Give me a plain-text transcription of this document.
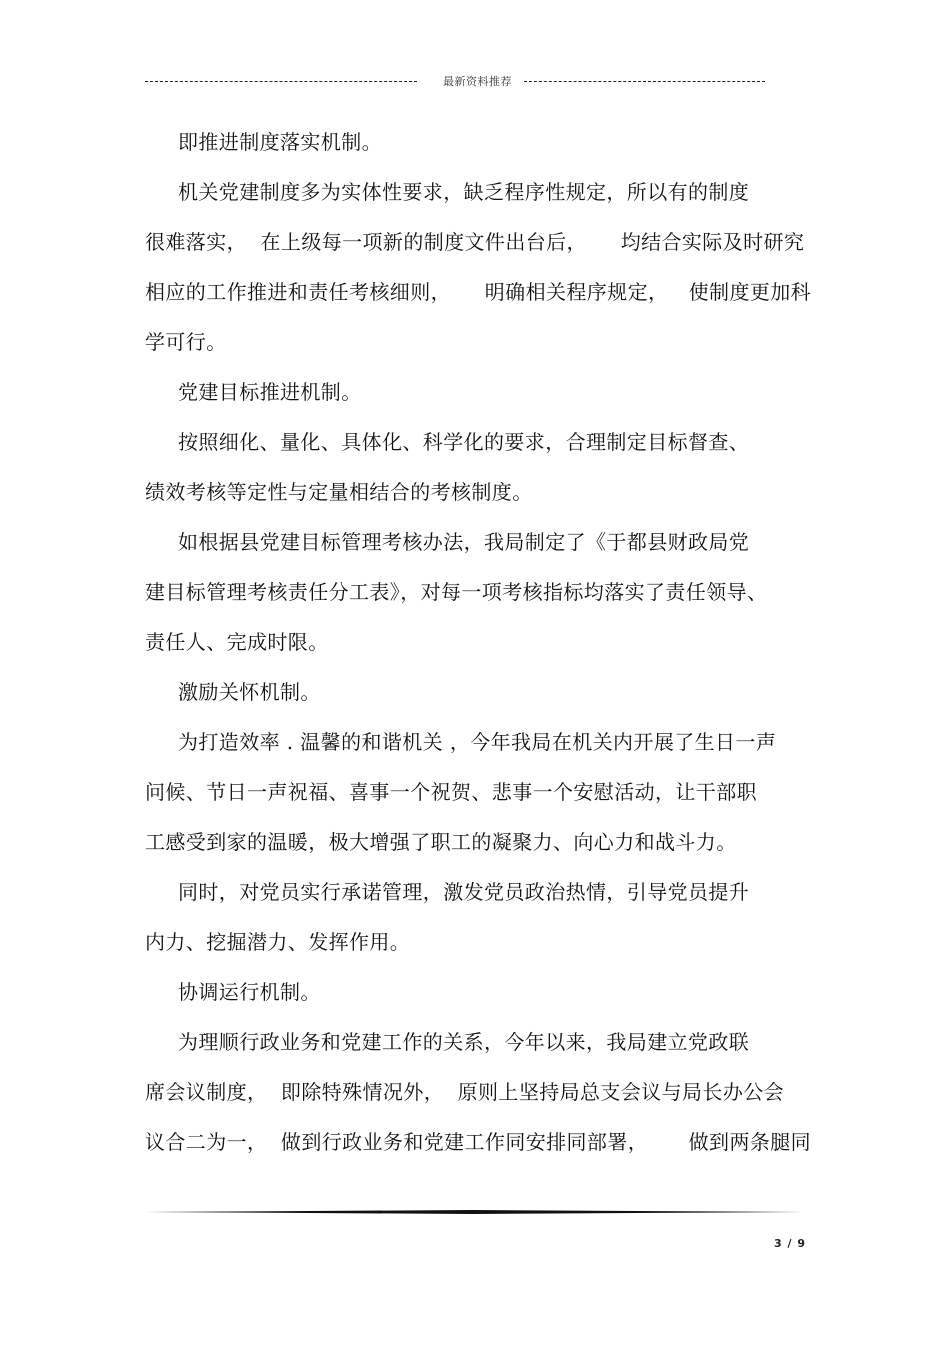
最新资料推荐
即推进制度落实机制。
机关党建制度多为实体性要求，缺乏程序性规定，所以有的制度
很难落实，  在上级每一项新的制度文件出台后，     均结合实际及时研究
相应的工作推进和责任考核细则，     明确相关程序规定，   使制度更加科
学可行。
党建目标推进机制。
按照细化、量化、具体化、科学化的要求，合理制定目标督查、
绩效考核等定性与定量相结合的考核制度。
如根据县党建目标管理考核办法，我局制定了《于都县财政局党
建目标管理考核责任分工表》，对每一项考核指标均落实了责任领导、
责任人、完成时限。
激励关怀机制。
为打造效率 . 温馨的和谐机关 ，今年我局在机关内开展了生日一声
问候、节日一声祝福、喜事一个祝贺、悲事一个安慰活动，让干部职
工感受到家的温暖，极大增强了职工的凝聚力、向心力和战斗力。
同时，对党员实行承诺管理，激发党员政治热情，引导党员提升
内力、挖掘潜力、发挥作用。
协调运行机制。
为理顺行政业务和党建工作的关系，今年以来，我局建立党政联
席会议制度，  即除特殊情况外，  原则上坚持局总支会议与局长办公会
议合二为一，  做到行政业务和党建工作同安排同部署，      做到两条腿同
3 / 9
